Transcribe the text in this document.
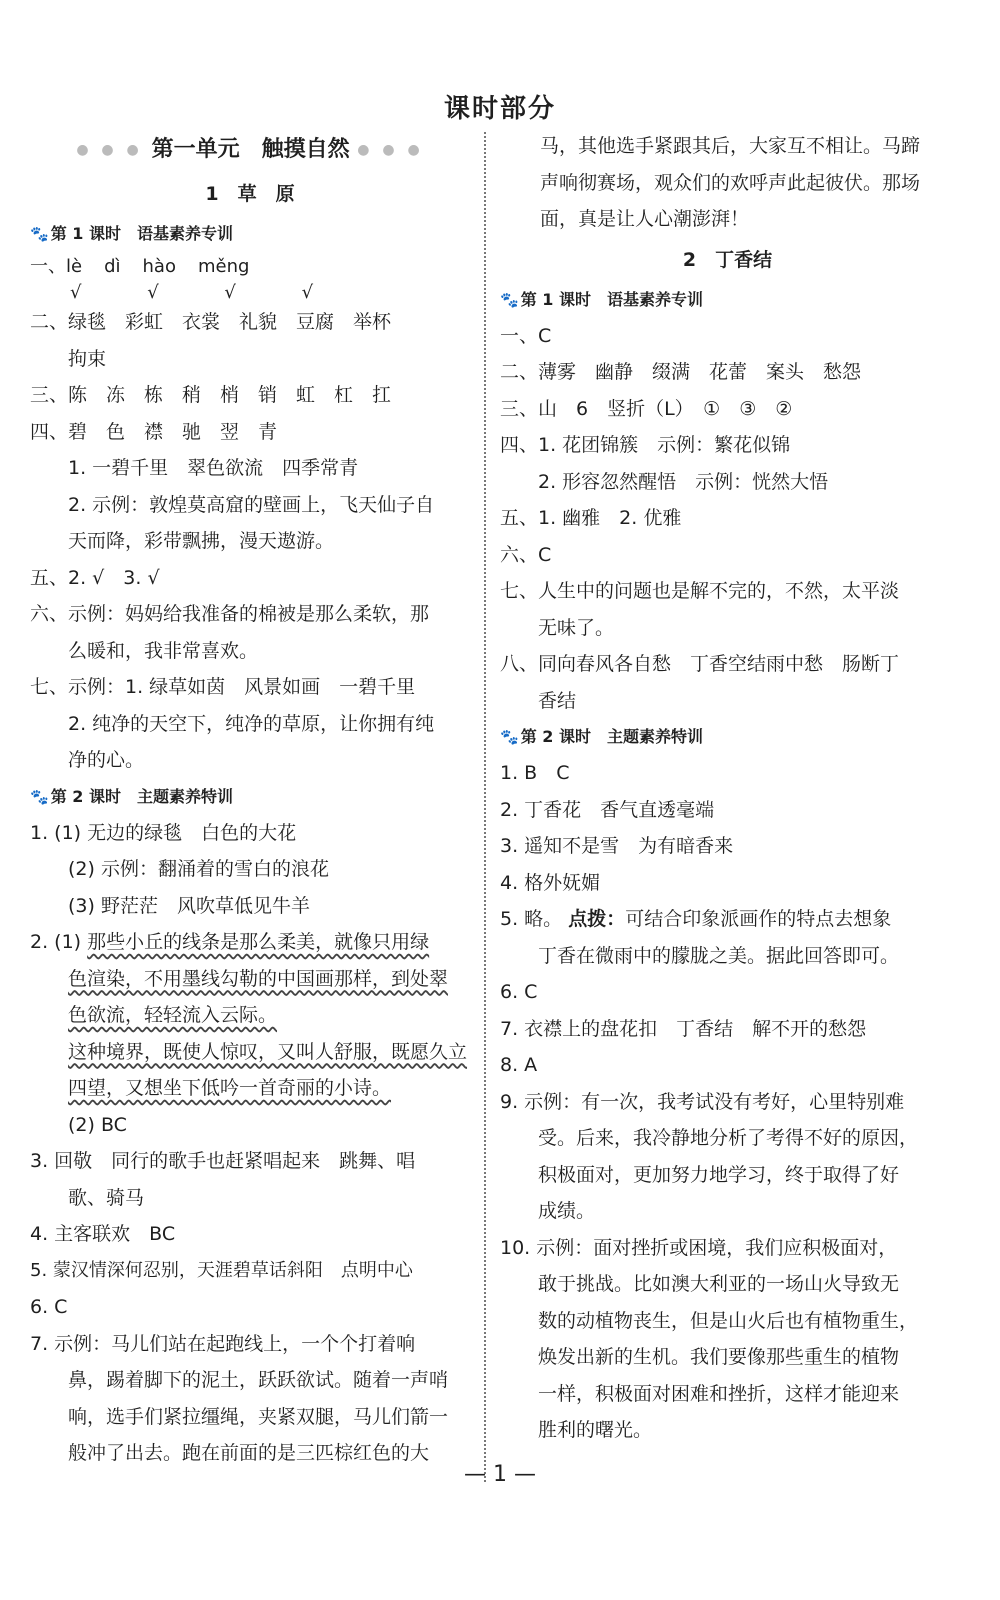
课时部分
● ● ● 第一单元　触摸自然 ● ● ●
1　草　原
🐾 第 1 课时　语基素养专训
一、lè dì hào měng
√ √ √ √
二、绿毯　彩虹　衣裳　礼貌　豆腐　举杯
拘束
三、陈　冻　栋　稍　梢　销　虹　杠　扛
四、碧　色　襟　驰　翌　青
1. 一碧千里　翠色欲流　四季常青
2. 示例：敦煌莫高窟的壁画上，飞天仙子自
天而降，彩带飘拂，漫天遨游。
五、2. √　3. √
六、示例：妈妈给我准备的棉被是那么柔软，那
么暖和，我非常喜欢。
七、示例：1. 绿草如茵　风景如画　一碧千里
2. 纯净的天空下，纯净的草原，让你拥有纯
净的心。
🐾 第 2 课时　主题素养特训
1. (1) 无边的绿毯　白色的大花
(2) 示例：翻涌着的雪白的浪花
(3) 野茫茫　风吹草低见牛羊
2. (1) 那些小丘的线条是那么柔美，就像只用绿
色渲染，不用墨线勾勒的中国画那样，到处翠
色欲流，轻轻流入云际。
这种境界，既使人惊叹，又叫人舒服，既愿久立
四望，又想坐下低吟一首奇丽的小诗。
(2) BC
3. 回敬　同行的歌手也赶紧唱起来　跳舞、唱
歌、骑马
4. 主客联欢　BC
5. 蒙汉情深何忍别，天涯碧草话斜阳　点明中心
6. C
7. 示例：马儿们站在起跑线上，一个个打着响
鼻，踢着脚下的泥土，跃跃欲试。随着一声哨
响，选手们紧拉缰绳，夹紧双腿，马儿们箭一
般冲了出去。跑在前面的是三匹棕红色的大
马，其他选手紧跟其后，大家互不相让。马蹄
声响彻赛场，观众们的欢呼声此起彼伏。那场
面，真是让人心潮澎湃！
2　丁香结
🐾 第 1 课时　语基素养专训
一、C
二、薄雾　幽静　缀满　花蕾　案头　愁怨
三、山　6　竖折（L）　①　③　②
四、1. 花团锦簇　示例：繁花似锦
2. 形容忽然醒悟　示例：恍然大悟
五、1. 幽雅　2. 优雅
六、C
七、人生中的问题也是解不完的，不然，太平淡
无味了。
八、同向春风各自愁　丁香空结雨中愁　肠断丁
香结
🐾 第 2 课时　主题素养特训
1. B　C
2. 丁香花　香气直透毫端
3. 遥知不是雪　为有暗香来
4. 格外妩媚
5. 略。 点拨：可结合印象派画作的特点去想象
丁香在微雨中的朦胧之美。据此回答即可。
6. C
7. 衣襟上的盘花扣　丁香结　解不开的愁怨
8. A
9. 示例：有一次，我考试没有考好，心里特别难
受。后来，我冷静地分析了考得不好的原因，
积极面对，更加努力地学习，终于取得了好
成绩。
10. 示例：面对挫折或困境，我们应积极面对，
敢于挑战。比如澳大利亚的一场山火导致无
数的动植物丧生，但是山火后也有植物重生，
焕发出新的生机。我们要像那些重生的植物
一样，积极面对困难和挫折，这样才能迎来
胜利的曙光。
— 1 —
